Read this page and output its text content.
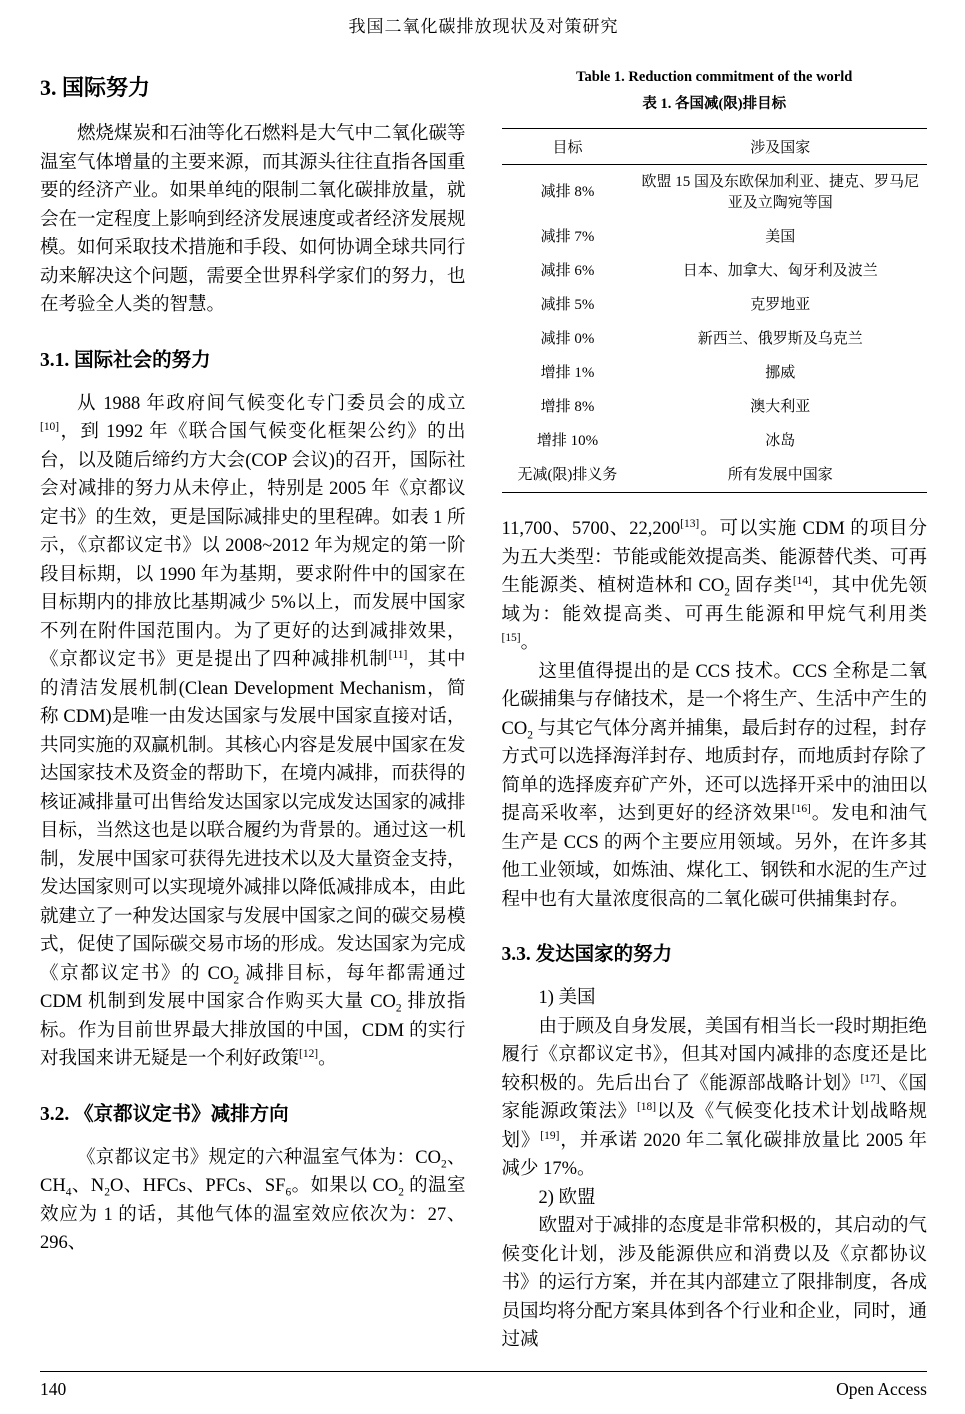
我国二氧化碳排放现状及对策研究
3. 国际努力

燃烧煤炭和石油等化石燃料是大气中二氧化碳等温室气体增量的主要来源，而其源头往往直指各国重要的经济产业。如果单纯的限制二氧化碳排放量，就会在一定程度上影响到经济发展速度或者经济发展规模。如何采取技术措施和手段、如何协调全球共同行动来解决这个问题，需要全世界科学家们的努力，也在考验全人类的智慧。

3.1. 国际社会的努力

从 1988 年政府间气候变化专门委员会的成立[10]，到 1992 年《联合国气候变化框架公约》的出台，以及随后缔约方大会(COP 会议)的召开，国际社会对减排的努力从未停止，特别是 2005 年《京都议定书》的生效，更是国际减排史的里程碑。如表 1 所示，《京都议定书》以 2008~2012 年为规定的第一阶段目标期，以 1990 年为基期，要求附件中的国家在目标期内的排放比基期减少 5%以上，而发展中国家不列在附件国范围内。为了更好的达到减排效果，《京都议定书》更是提出了四种减排机制[11]，其中的清洁发展机制(Clean Development Mechanism，简称 CDM)是唯一由发达国家与发展中国家直接对话，共同实施的双赢机制。其核心内容是发展中国家在发达国家技术及资金的帮助下，在境内减排，而获得的核证减排量可出售给发达国家以完成发达国家的减排目标，当然这也是以联合履约为背景的。通过这一机制，发展中国家可获得先进技术以及大量资金支持，发达国家则可以实现境外减排以降低减排成本，由此就建立了一种发达国家与发展中国家之间的碳交易模式，促使了国际碳交易市场的形成。发达国家为完成《京都议定书》的 $CO_2$ 减排目标，每年都需通过 CDM 机制到发展中国家合作购买大量 $CO_2$ 排放指标。作为目前世界最大排放国的中国，CDM 的实行对我国来讲无疑是一个利好政策[12]。

3.2. 《京都议定书》减排方向

《京都议定书》规定的六种温室气体为：$CO_2$、$CH_4$、$N_2O$、HFCs、PFCs、$SF_6$。如果以 $CO_2$ 的温室效应为 1 的话，其他气体的温室效应依次为：27、296、

Table 1. Reduction commitment of the world
表 1. 各国减(限)排目标
目标	涉及国家
减排 8%	欧盟 15 国及东欧保加利亚、捷克、罗马尼亚及立陶宛等国
减排 7%	美国
减排 6%	日本、加拿大、匈牙利及波兰
减排 5%	克罗地亚
减排 0%	新西兰、俄罗斯及乌克兰
增排 1%	挪威
增排 8%	澳大利亚
增排 10%	冰岛
无减(限)排义务	所有发展中国家

11,700、5700、22,200[13]。可以实施 CDM 的项目分为五大类型：节能或能效提高类、能源替代类、可再生能源类、植树造林和 $CO_2$ 固存类[14]，其中优先领域为：能效提高类、可再生能源和甲烷气利用类[15]。

这里值得提出的是 CCS 技术。CCS 全称是二氧化碳捕集与存储技术，是一个将生产、生活中产生的 $CO_2$ 与其它气体分离并捕集，最后封存的过程，封存方式可以选择海洋封存、地质封存，而地质封存除了简单的选择废弃矿产外，还可以选择开采中的油田以提高采收率，达到更好的经济效果[16]。发电和油气生产是 CCS 的两个主要应用领域。另外，在许多其他工业领域，如炼油、煤化工、钢铁和水泥的生产过程中也有大量浓度很高的二氧化碳可供捕集封存。

3.3. 发达国家的努力

1) 美国

由于顾及自身发展，美国有相当长一段时期拒绝履行《京都议定书》，但其对国内减排的态度还是比较积极的。先后出台了《能源部战略计划》[17]、《国家能源政策法》[18]以及《气候变化技术计划战略规划》[19]，并承诺 2020 年二氧化碳排放量比 2005 年减少 17%。

2) 欧盟

欧盟对于减排的态度是非常积极的，其启动的气候变化计划，涉及能源供应和消费以及《京都协议书》的运行方案，并在其内部建立了限排制度，各成员国均将分配方案具体到各个行业和企业，同时，通过减

140	Open Access
